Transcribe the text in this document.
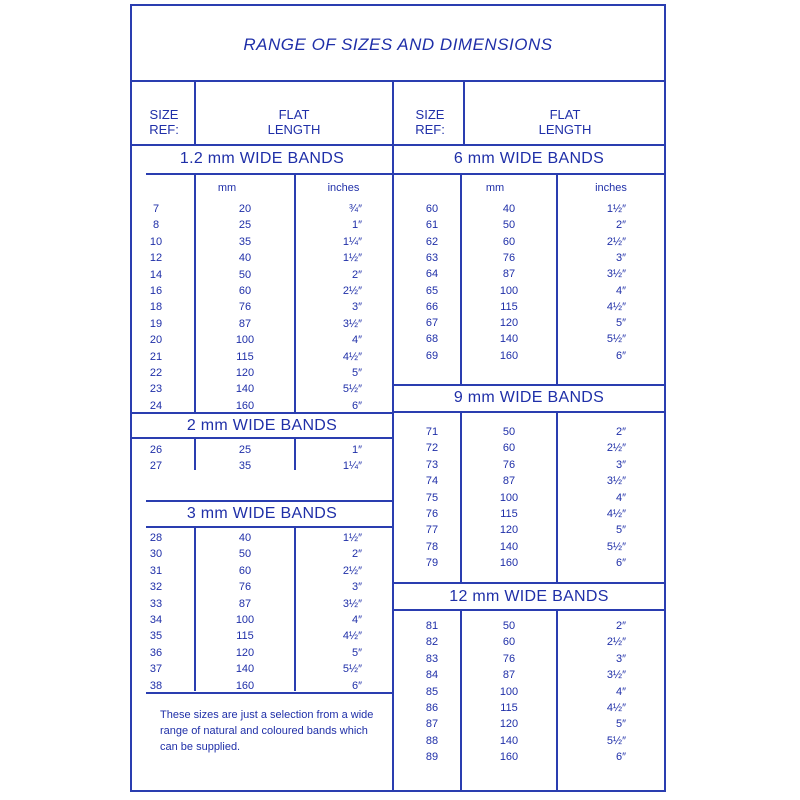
RANGE OF SIZES AND DIMENSIONS
SIZE
REF:
FLAT
LENGTH
SIZE
REF:
FLAT
LENGTH
1.2 mm WIDE BANDS
mm	inches
7	20	¾″
8	25	1″
10	35	1¼″
12	40	1½″
14	50	2″
16	60	2½″
18	76	3″
19	87	3½″
20	100	4″
21	115	4½″
22	120	5″
23	140	5½″
24	160	6″
2 mm WIDE BANDS
26	25	1″
27	35	1¼″
3 mm WIDE BANDS
28	40	1½″
30	50	2″
31	60	2½″
32	76	3″
33	87	3½″
34	100	4″
35	115	4½″
36	120	5″
37	140	5½″
38	160	6″
These sizes are just a selection from a wide range of natural and coloured bands which can be supplied.
6 mm WIDE BANDS
mm	inches
60	40	1½″
61	50	2″
62	60	2½″
63	76	3″
64	87	3½″
65	100	4″
66	115	4½″
67	120	5″
68	140	5½″
69	160	6″
9 mm WIDE BANDS
71	50	2″
72	60	2½″
73	76	3″
74	87	3½″
75	100	4″
76	115	4½″
77	120	5″
78	140	5½″
79	160	6″
12 mm WIDE BANDS
81	50	2″
82	60	2½″
83	76	3″
84	87	3½″
85	100	4″
86	115	4½″
87	120	5″
88	140	5½″
89	160	6″
